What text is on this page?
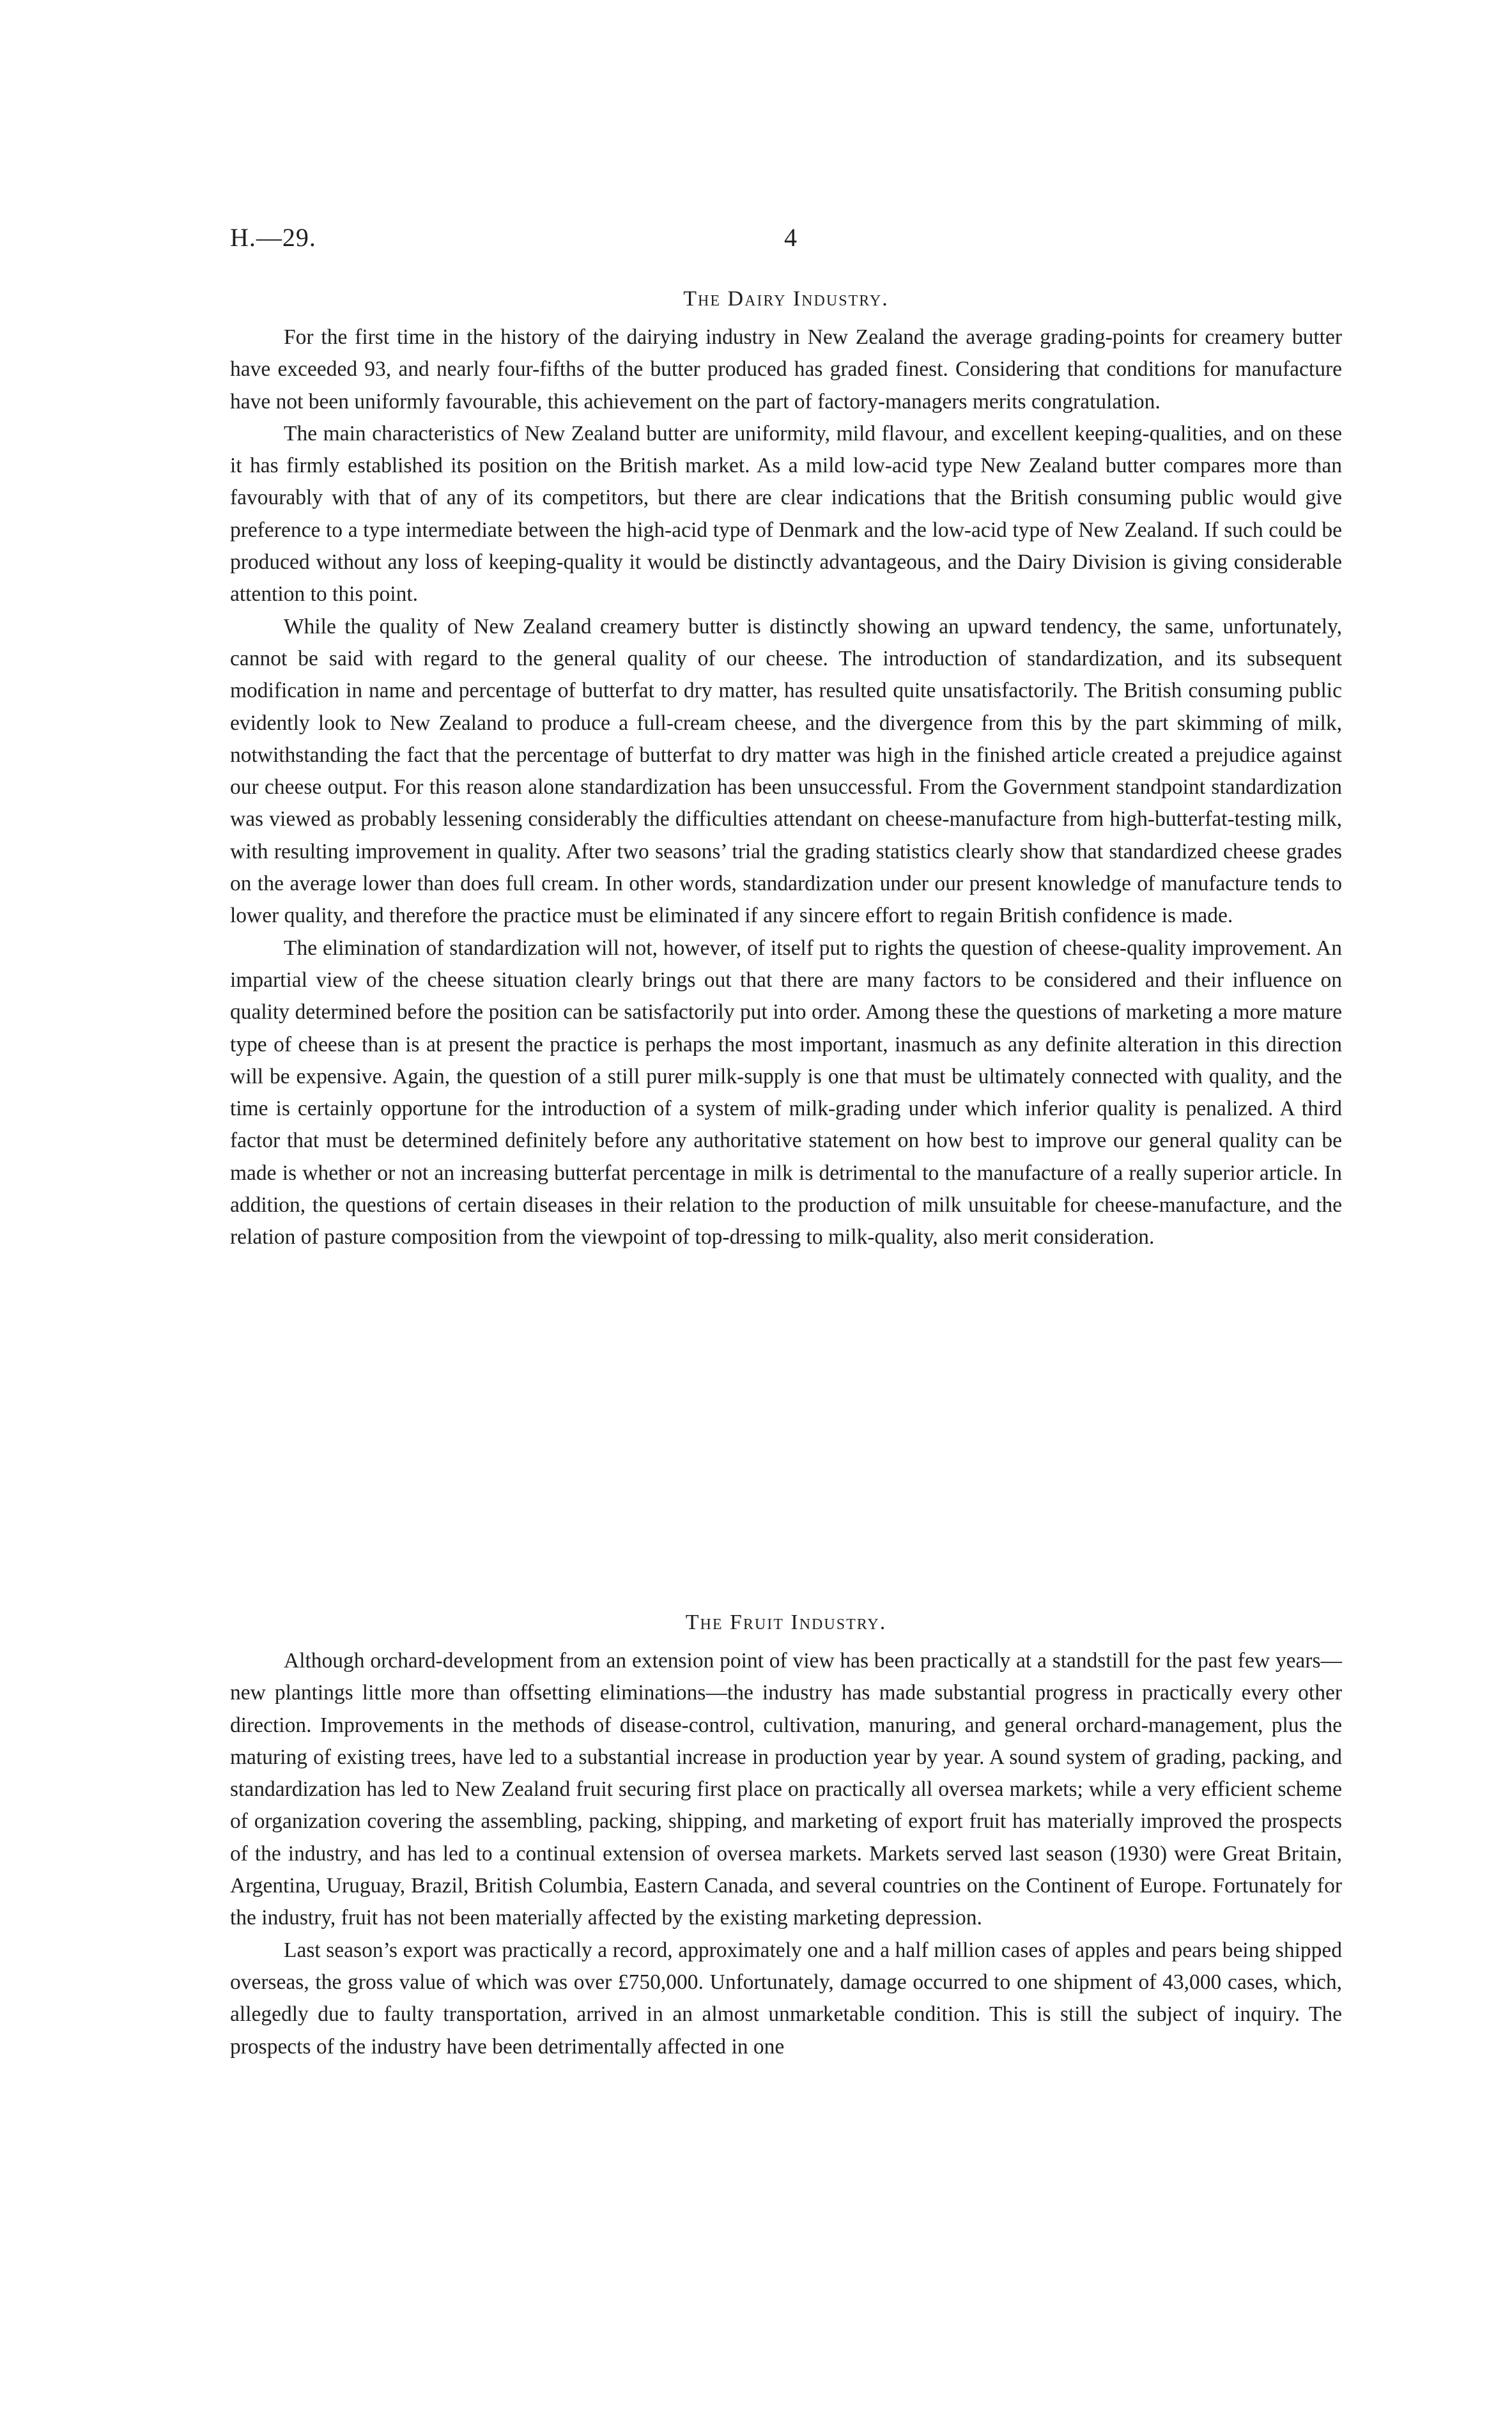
H.—29.	4
The Dairy Industry.

For the first time in the history of the dairying industry in New Zealand the average grading-points for creamery butter have exceeded 93, and nearly four-fifths of the butter produced has graded finest. Considering that conditions for manufacture have not been uniformly favourable, this achievement on the part of factory-managers merits congratulation.

The main characteristics of New Zealand butter are uniformity, mild flavour, and excellent keeping-qualities, and on these it has firmly established its position on the British market. As a mild low-acid type New Zealand butter compares more than favourably with that of any of its competitors, but there are clear indications that the British consuming public would give preference to a type intermediate between the high-acid type of Denmark and the low-acid type of New Zealand. If such could be produced without any loss of keeping-quality it would be distinctly advantageous, and the Dairy Division is giving considerable attention to this point.

While the quality of New Zealand creamery butter is distinctly showing an upward tendency, the same, unfortunately, cannot be said with regard to the general quality of our cheese. The introduction of standardization, and its subsequent modification in name and percentage of butterfat to dry matter, has resulted quite unsatisfactorily. The British consuming public evidently look to New Zealand to produce a full-cream cheese, and the divergence from this by the part skimming of milk, notwithstanding the fact that the percentage of butterfat to dry matter was high in the finished article created a prejudice against our cheese output. For this reason alone standardization has been unsuccessful. From the Government standpoint standardization was viewed as probably lessening considerably the difficulties attendant on cheese-manufacture from high-butterfat-testing milk, with resulting improvement in quality. After two seasons’ trial the grading statistics clearly show that standardized cheese grades on the average lower than does full cream. In other words, standardization under our present knowledge of manufacture tends to lower quality, and therefore the practice must be eliminated if any sincere effort to regain British confidence is made.

The elimination of standardization will not, however, of itself put to rights the question of cheese-quality improvement. An impartial view of the cheese situation clearly brings out that there are many factors to be considered and their influence on quality determined before the position can be satisfactorily put into order. Among these the questions of marketing a more mature type of cheese than is at present the practice is perhaps the most important, inasmuch as any definite alteration in this direction will be expensive. Again, the question of a still purer milk-supply is one that must be ultimately connected with quality, and the time is certainly opportune for the introduction of a system of milk-grading under which inferior quality is penalized. A third factor that must be determined definitely before any authoritative statement on how best to improve our general quality can be made is whether or not an increasing butterfat percentage in milk is detrimental to the manufacture of a really superior article. In addition, the questions of certain diseases in their relation to the production of milk unsuitable for cheese-manufacture, and the relation of pasture composition from the viewpoint of top-dressing to milk-quality, also merit consideration.

The Fruit Industry.

Although orchard-development from an extension point of view has been practically at a standstill for the past few years—new plantings little more than offsetting eliminations—the industry has made substantial progress in practically every other direction. Improvements in the methods of disease-control, cultivation, manuring, and general orchard-management, plus the maturing of existing trees, have led to a substantial increase in production year by year. A sound system of grading, packing, and standardization has led to New Zealand fruit securing first place on practically all oversea markets; while a very efficient scheme of organization covering the assembling, packing, shipping, and marketing of export fruit has materially improved the prospects of the industry, and has led to a continual extension of oversea markets. Markets served last season (1930) were Great Britain, Argentina, Uruguay, Brazil, British Columbia, Eastern Canada, and several countries on the Continent of Europe. Fortunately for the industry, fruit has not been materially affected by the existing marketing depression.

Last season’s export was practically a record, approximately one and a half million cases of apples and pears being shipped overseas, the gross value of which was over £750,000. Unfortunately, damage occurred to one shipment of 43,000 cases, which, allegedly due to faulty transportation, arrived in an almost unmarketable condition. This is still the subject of inquiry. The prospects of the industry have been detrimentally affected in one
